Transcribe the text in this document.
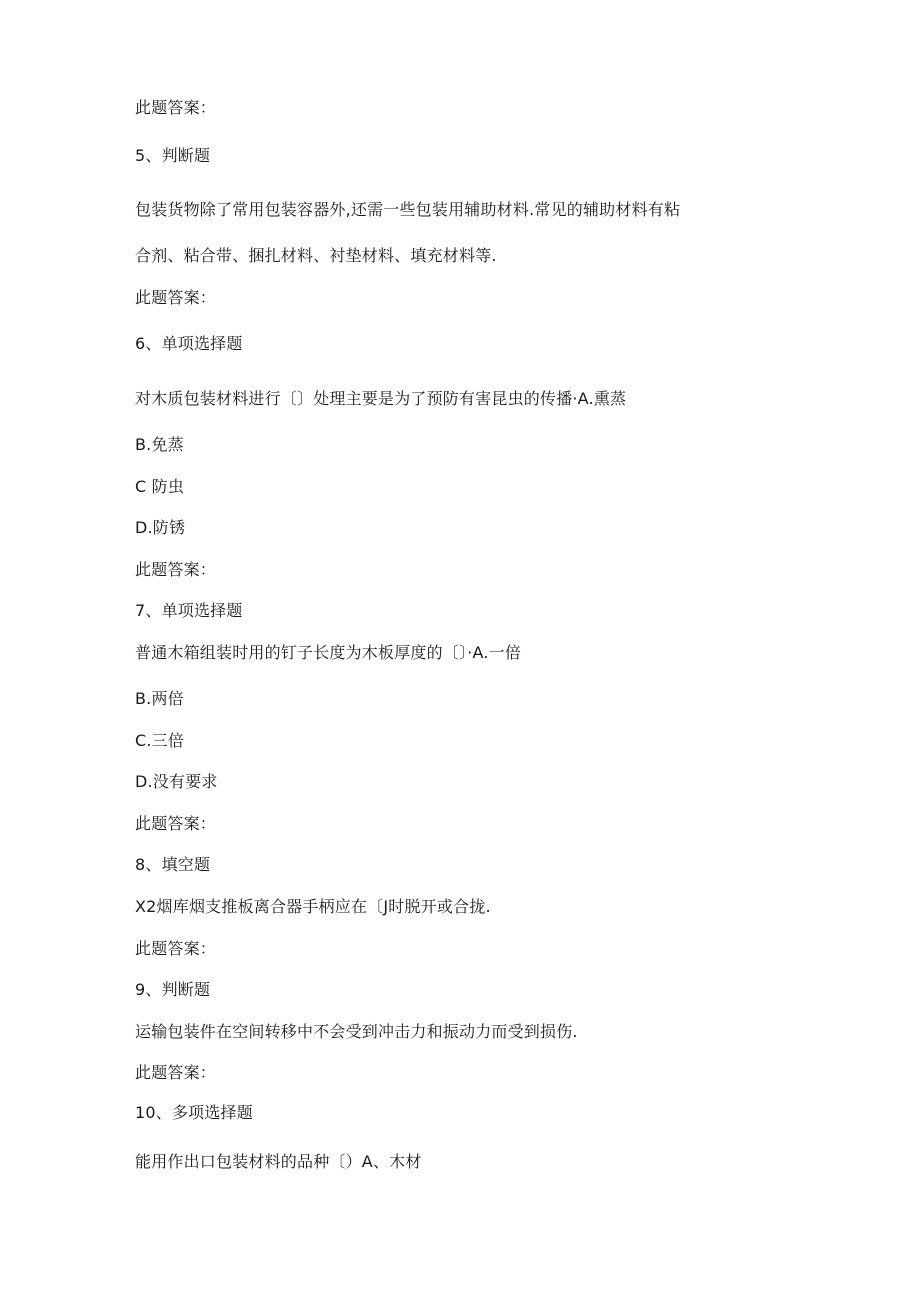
此题答案：
5、判断题
包装货物除了常用包装容器外,还需一些包装用辅助材料.常见的辅助材料有粘
合剂、粘合带、捆扎材料、衬垫材料、填充材料等.
此题答案：
6、单项选择题
对木质包装材料进行〔〕处理主要是为了预防有害昆虫的传播·A.熏蒸
B.免蒸
C 防虫
D.防锈
此题答案：
7、单项选择题
普通木箱组装时用的钉子长度为木板厚度的〔〕·A.一倍
B.两倍
C.三倍
D.没有要求
此题答案：
8、填空题
X2烟库烟支推板离合器手柄应在〔J时脱开或合拢.
此题答案：
9、判断题
运输包装件在空间转移中不会受到冲击力和振动力而受到损伤.
此题答案：
10、多项选择题
能用作出口包装材料的品种〔）A、木材
